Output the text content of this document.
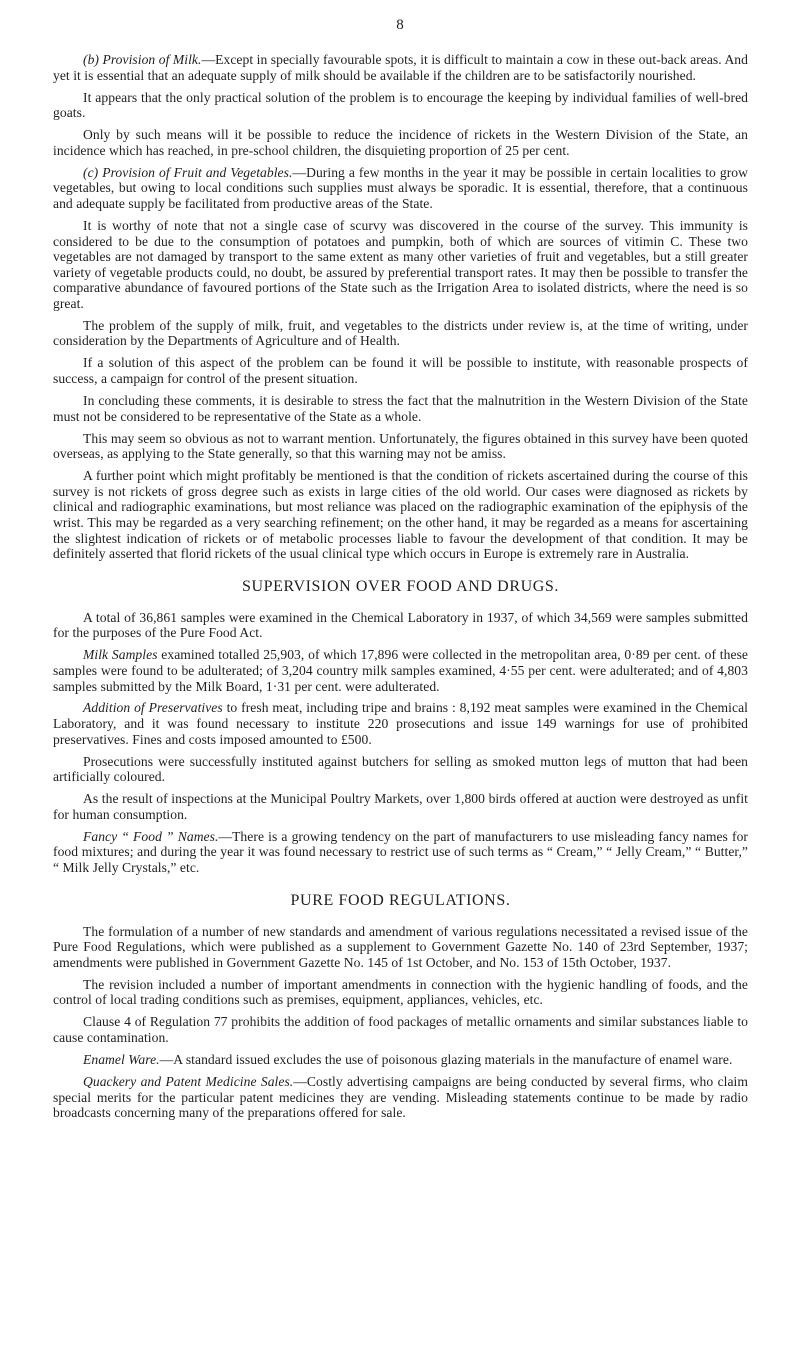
8

(b) Provision of Milk.—Except in specially favourable spots, it is difficult to maintain a cow in these out-back areas. And yet it is essential that an adequate supply of milk should be available if the children are to be satisfactorily nourished.

It appears that the only practical solution of the problem is to encourage the keeping by individual families of well-bred goats.

Only by such means will it be possible to reduce the incidence of rickets in the Western Division of the State, an incidence which has reached, in pre-school children, the disquieting proportion of 25 per cent.

(c) Provision of Fruit and Vegetables.—During a few months in the year it may be possible in certain localities to grow vegetables, but owing to local conditions such supplies must always be sporadic. It is essential, therefore, that a continuous and adequate supply be facilitated from productive areas of the State.

It is worthy of note that not a single case of scurvy was discovered in the course of the survey. This immunity is considered to be due to the consumption of potatoes and pumpkin, both of which are sources of vitimin C. These two vegetables are not damaged by transport to the same extent as many other varieties of fruit and vegetables, but a still greater variety of vegetable products could, no doubt, be assured by preferential transport rates. It may then be possible to transfer the comparative abundance of favoured portions of the State such as the Irrigation Area to isolated districts, where the need is so great.

The problem of the supply of milk, fruit, and vegetables to the districts under review is, at the time of writing, under consideration by the Departments of Agriculture and of Health.

If a solution of this aspect of the problem can be found it will be possible to institute, with reasonable prospects of success, a campaign for control of the present situation.

In concluding these comments, it is desirable to stress the fact that the malnutrition in the Western Division of the State must not be considered to be representative of the State as a whole.

This may seem so obvious as not to warrant mention. Unfortunately, the figures obtained in this survey have been quoted overseas, as applying to the State generally, so that this warning may not be amiss.

A further point which might profitably be mentioned is that the condition of rickets ascertained during the course of this survey is not rickets of gross degree such as exists in large cities of the old world. Our cases were diagnosed as rickets by clinical and radiographic examinations, but most reliance was placed on the radiographic examination of the epiphysis of the wrist. This may be regarded as a very searching refinement; on the other hand, it may be regarded as a means for ascertaining the slightest indication of rickets or of metabolic processes liable to favour the development of that condition. It may be definitely asserted that florid rickets of the usual clinical type which occurs in Europe is extremely rare in Australia.

SUPERVISION OVER FOOD AND DRUGS.

A total of 36,861 samples were examined in the Chemical Laboratory in 1937, of which 34,569 were samples submitted for the purposes of the Pure Food Act.

Milk Samples examined totalled 25,903, of which 17,896 were collected in the metropolitan area, 0·89 per cent. of these samples were found to be adulterated; of 3,204 country milk samples examined, 4·55 per cent. were adulterated; and of 4,803 samples submitted by the Milk Board, 1·31 per cent. were adulterated.

Addition of Preservatives to fresh meat, including tripe and brains : 8,192 meat samples were examined in the Chemical Laboratory, and it was found necessary to institute 220 prosecutions and issue 149 warnings for use of prohibited preservatives. Fines and costs imposed amounted to £500.

Prosecutions were successfully instituted against butchers for selling as smoked mutton legs of mutton that had been artificially coloured.

As the result of inspections at the Municipal Poultry Markets, over 1,800 birds offered at auction were destroyed as unfit for human consumption.

Fancy “ Food ” Names.—There is a growing tendency on the part of manufacturers to use misleading fancy names for food mixtures; and during the year it was found necessary to restrict use of such terms as “ Cream,” “ Jelly Cream,” “ Butter,” “ Milk Jelly Crystals,” etc.

PURE FOOD REGULATIONS.

The formulation of a number of new standards and amendment of various regulations necessitated a revised issue of the Pure Food Regulations, which were published as a supplement to Government Gazette No. 140 of 23rd September, 1937; amendments were published in Government Gazette No. 145 of 1st October, and No. 153 of 15th October, 1937.

The revision included a number of important amendments in connection with the hygienic handling of foods, and the control of local trading conditions such as premises, equipment, appliances, vehicles, etc.

Clause 4 of Regulation 77 prohibits the addition of food packages of metallic ornaments and similar substances liable to cause contamination.

Enamel Ware.—A standard issued excludes the use of poisonous glazing materials in the manufacture of enamel ware.

Quackery and Patent Medicine Sales.—Costly advertising campaigns are being conducted by several firms, who claim special merits for the particular patent medicines they are vending. Misleading statements continue to be made by radio broadcasts concerning many of the preparations offered for sale.
